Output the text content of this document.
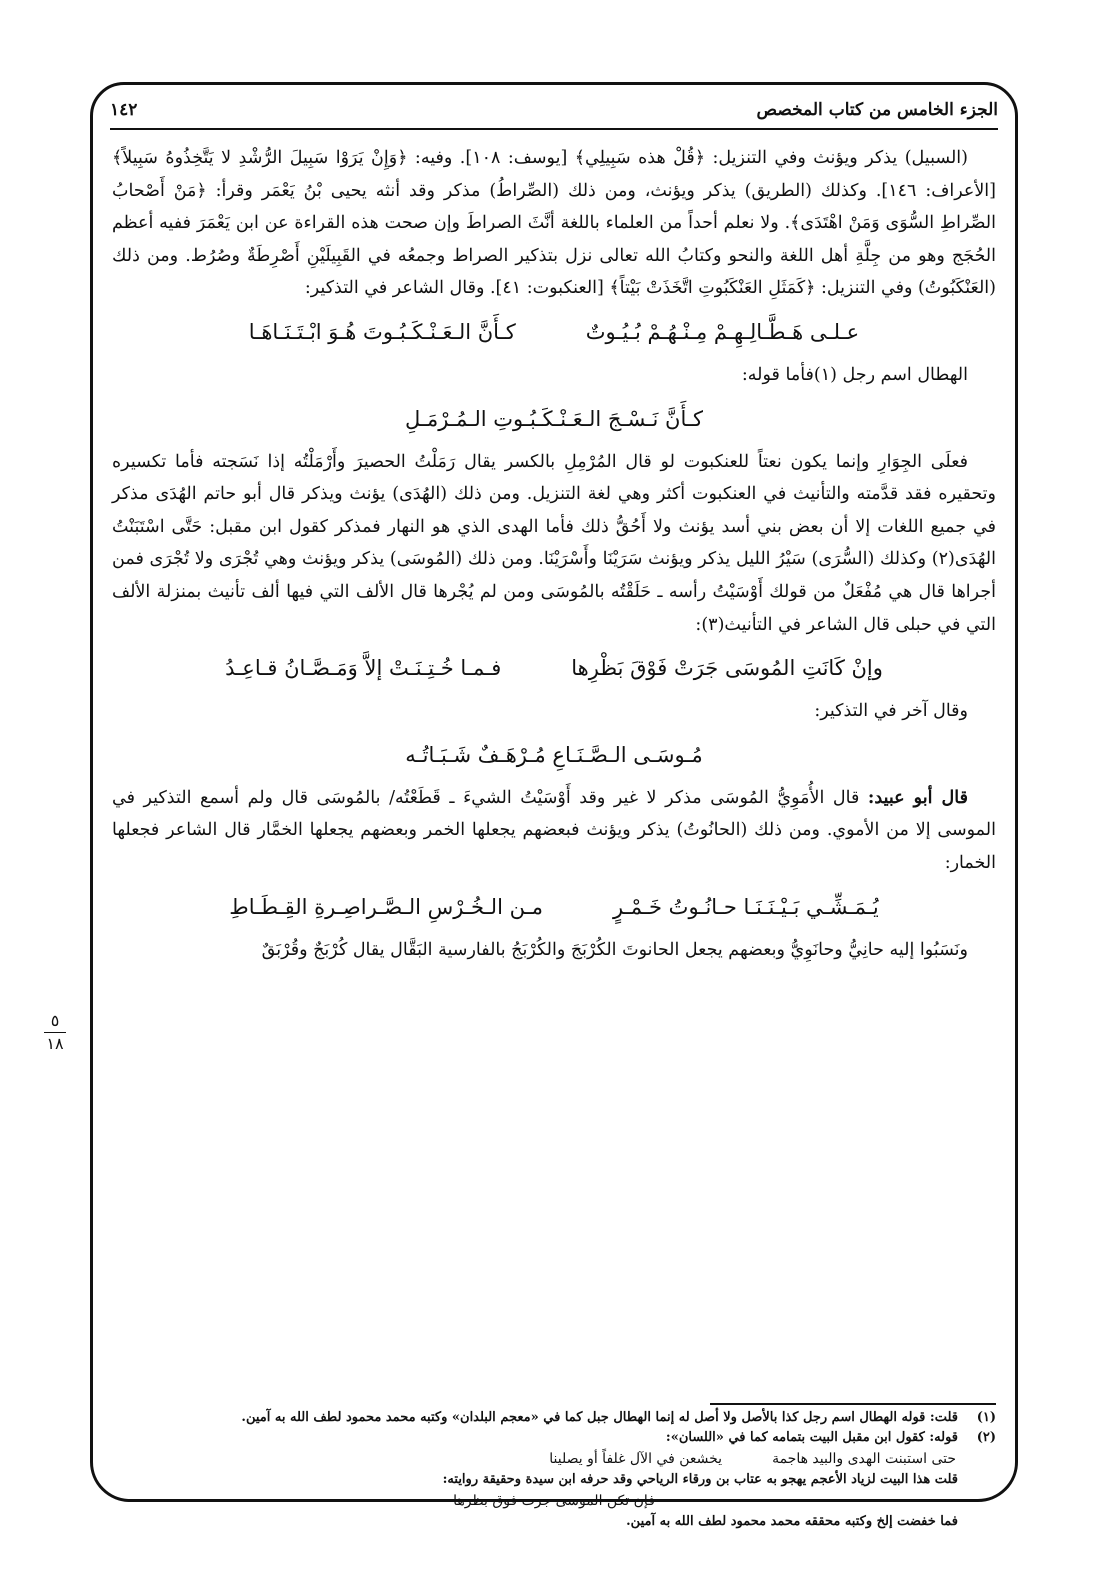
الجزء الخامس من كتاب المخصص
١٤٢
٥
١٨

(السبيل) يذكر ويؤنث وفي التنزيل: ﴿قُلْ هذه سَبِيلِي﴾ [يوسف: ١٠٨]. وفيه: ﴿وَإِنْ يَرَوْا سَبِيلَ الرُّشْدِ لا يَتَّخِذُوهُ سَبِيلاً﴾ [الأعراف: ١٤٦]. وكذلك (الطريق) يذكر ويؤنث، ومن ذلك (الصِّراطُ) مذكر وقد أنثه يحيى بْنُ يَعْمَر وقرأ: ﴿مَنْ أَصْحابُ الصِّراطِ السُّوَى وَمَنْ اهْتَدَى﴾. ولا نعلم أحداً من العلماء باللغة أنَّثَ الصراطَ وإن صحت هذه القراءة عن ابن يَعْمَرَ ففيه أعظم الحُجَج وهو من جِلَّةِ أهل اللغة والنحو وكتابُ الله تعالى نزل بتذكير الصراط وجمعُه في القَبِيلَيْنِ أَصْرِطَةٌ وصُرُط. ومن ذلك (العَنْكَبُوتُ) وفي التنزيل: ﴿كَمَثَلِ العَنْكَبُوتِ اتَّخَذَتْ بَيْتاً﴾ [العنكبوت: ٤١]. وقال الشاعر في التذكير:

عـلـى هَـطَّـالِـهِـمْ مِـنْـهُـمْ بُـيُـوتٌ
كـأَنَّ الـعَـنْـكَـبُـوتَ هُـوَ ابْـتَـنَـاهَـا

الهطال اسم رجل (١)فأما قوله:

كـأَنَّ نَـسْـجَ الـعَـنْـكَـبُـوتِ الـمُـرْمَـلِ

فعلَى الجِوَارِ وإنما يكون نعتاً للعنكبوت لو قال المُرْمِلِ بالكسر يقال رَمَلْتُ الحصيرَ وأَرْمَلْتُه إذا نَسَجته فأما تكسيره وتحقيره فقد قدَّمته والتأنيث في العنكبوت أكثر وهي لغة التنزيل. ومن ذلك (الهُدَى) يؤنث ويذكر قال أبو حاتم الهُدَى مذكر في جميع اللغات إلا أن بعض بني أسد يؤنث ولا أَحُقُّ ذلك فأما الهدى الذي هو النهار فمذكر كقول ابن مقبل: حَتَّى اسْتَبَنْتُ الهُدَى(٢) وكذلك (السُّرَى) سَيْرُ الليل يذكر ويؤنث سَرَيْنَا وأَسْرَيْنَا. ومن ذلك (المُوسَى) يذكر ويؤنث وهي تُجْرَى ولا تُجْرَى فمن أجراها قال هي مُفْعَلٌ من قولك أَوْسَيْتُ رأسه ـ حَلَقْتُه بالمُوسَى ومن لم يُجْرها قال الألف التي فيها ألف تأنيث بمنزلة الألف التي في حبلى قال الشاعر في التأنيث(٣):

وإنْ كَانَتِ المُوسَى جَرَتْ فَوْقَ بَظْرِها
فـمـا خُـتِـنَـتْ إلاَّ وَمَـصَّـانُ قـاعِـدُ

وقال آخر في التذكير:

مُـوسَـى الـصَّـنَـاعِ مُـرْهَـفٌ شَـبَـاتُـه

قال أبو عبيد: قال الأُمَوِيُّ المُوسَى مذكر لا غير وقد أَوْسَيْتُ الشيءَ ـ قَطَعْتُه/ بالمُوسَى قال ولم أسمع التذكير في الموسى إلا من الأموي. ومن ذلك (الحانُوتُ) يذكر ويؤنث فبعضهم يجعلها الخمر وبعضهم يجعلها الخمَّار قال الشاعر فجعلها الخمار:

يُـمَـشِّـي بَـيْـنَـنَـا حـانُـوتُ خَـمْـرٍ
مـن الـخُـرْسِ الـصَّـراصِـرةِ القِـطَـاطِ

ونَسَبُوا إليه حانِيُّ وحانَوِيُّ وبعضهم يجعل الحانوتَ الكُرْبَجَ والكُرْبَجُ بالفارسية البَقَّال يقال كُرْبَجٌ وقُرْبَقٌ

(١)
قلت: قوله الهطال اسم رجل كذا بالأصل ولا أصل له إنما الهطال جبل كما في «معجم البلدان» وكتبه محمد محمود لطف الله به آمين.
(٢)
قوله: كقول ابن مقبل البيت بتمامه كما في «اللسان»:
حتى استبنت الهدى والبيد هاجمة
يخشعن في الآل غلفاً أو يصلينا
قلت هذا البيت لزياد الأعجم يهجو به عتاب بن ورقاء الرياحي وقد حرفه ابن سيدة وحقيقة روايته:
فإن تكن الموسى جرت فوق بظرها
فما خفضت إلخ وكتبه محققه محمد محمود لطف الله به آمين.
